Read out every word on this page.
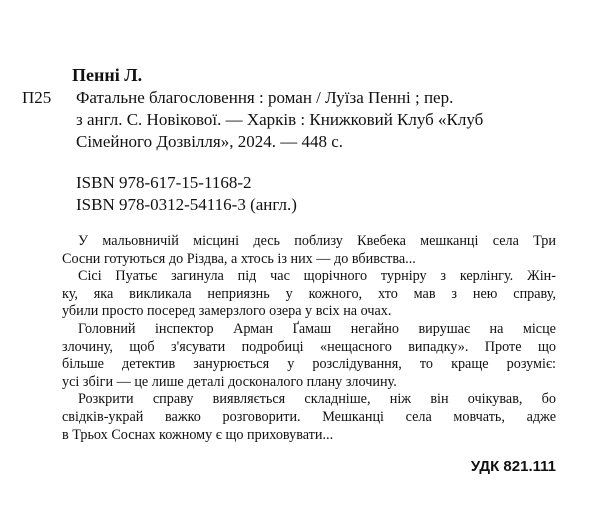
Пенні Л.
П25 Фатальне благословення : роман / Луїза Пенні ; пер.
з англ. С. Новікової. — Харків : Книжковий Клуб «Клуб
Сімейного Дозвілля», 2024. — 448 с.

ISBN 978-617-15-1168-2
ISBN 978-0312-54116-3 (англ.)
У мальовничій місцині десь поблизу Квебека мешканці села Три
Сосни готуються до Різдва, а хтось із них — до вбивства...
Сісі Пуатьє загинула під час щорічного турніру з керлінгу. Жін-
ку, яка викликала неприязнь у кожного, хто мав з нею справу,
убили просто посеред замерзлого озера у всіх на очах.
Головний інспектор Арман Ґамаш негайно вирушає на місце
злочину, щоб з'ясувати подробиці «нещасного випадку». Проте що
більше детектив занурюється у розслідування, то краще розуміє:
усі збіги — це лише деталі досконалого плану злочину.
Розкрити справу виявляється складніше, ніж він очікував, бо
свідків-украй важко розговорити. Мешканці села мовчать, адже
в Трьох Соснах кожному є що приховувати...
УДК 821.111
